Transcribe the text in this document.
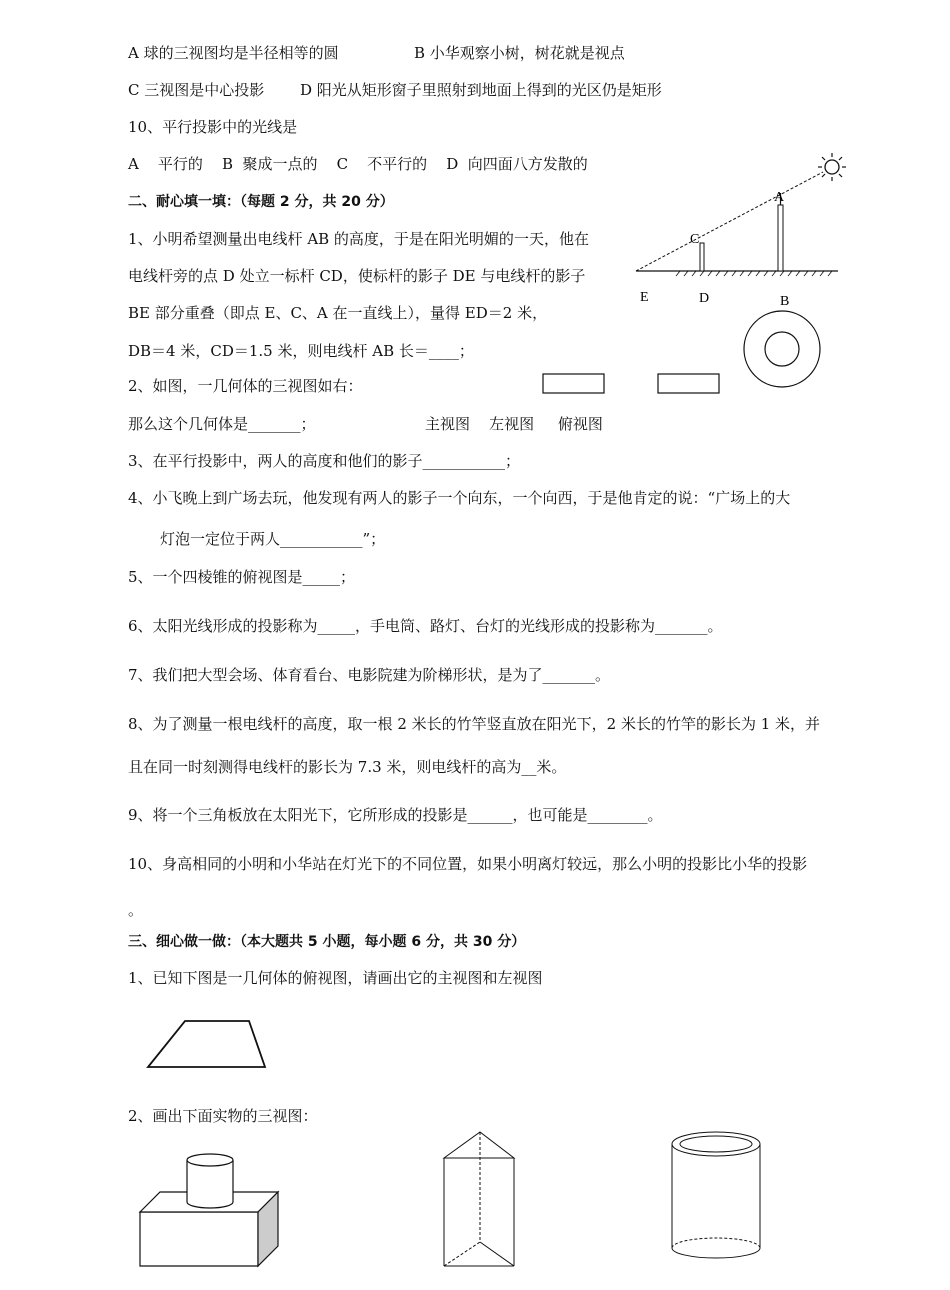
A 球的三视图均是半径相等的圆	B 小华观察小树，树花就是视点
C 三视图是中心投影 D 阳光从矩形窗子里照射到地面上得到的光区仍是矩形
10、平行投影中的光线是
A    平行的    B  聚成一点的    C    不平行的    D  向四面八方发散的
二、耐心填一填：（每题 2 分，共 20 分）
1、小明希望测量出电线杆 AB 的高度，于是在阳光明媚的一天，他在
电线杆旁的点 D 处立一标杆 CD，使标杆的影子 DE 与电线杆的影子
BE 部分重叠（即点 E、C、A 在一直线上），量得 ED＝2 米，
DB＝4 米，CD＝1.5 米，则电线杆 AB 长＝____；
A
C
E	D	B
2、如图，一几何体的三视图如右：
那么这个几何体是_______；	主视图    左视图     俯视图
3、在平行投影中，两人的高度和他们的影子___________；
4、小飞晚上到广场去玩，他发现有两人的影子一个向东，一个向西，于是他肯定的说：“广场上的大
灯泡一定位于两人___________”；
5、一个四棱锥的俯视图是_____；
6、太阳光线形成的投影称为_____，手电筒、路灯、台灯的光线形成的投影称为_______。
7、我们把大型会场、体育看台、电影院建为阶梯形状，是为了_______。
8、为了测量一根电线杆的高度，取一根 2 米长的竹竿竖直放在阳光下，2 米长的竹竿的影长为 1 米，并
且在同一时刻测得电线杆的影长为 7.3 米，则电线杆的高为__米。
9、将一个三角板放在太阳光下，它所形成的投影是______，也可能是________。
10、身高相同的小明和小华站在灯光下的不同位置，如果小明离灯较远，那么小明的投影比小华的投影
。
三、细心做一做：（本大题共 5 小题，每小题 6 分，共 30 分）
1、已知下图是一几何体的俯视图，请画出它的主视图和左视图
2、画出下面实物的三视图：
